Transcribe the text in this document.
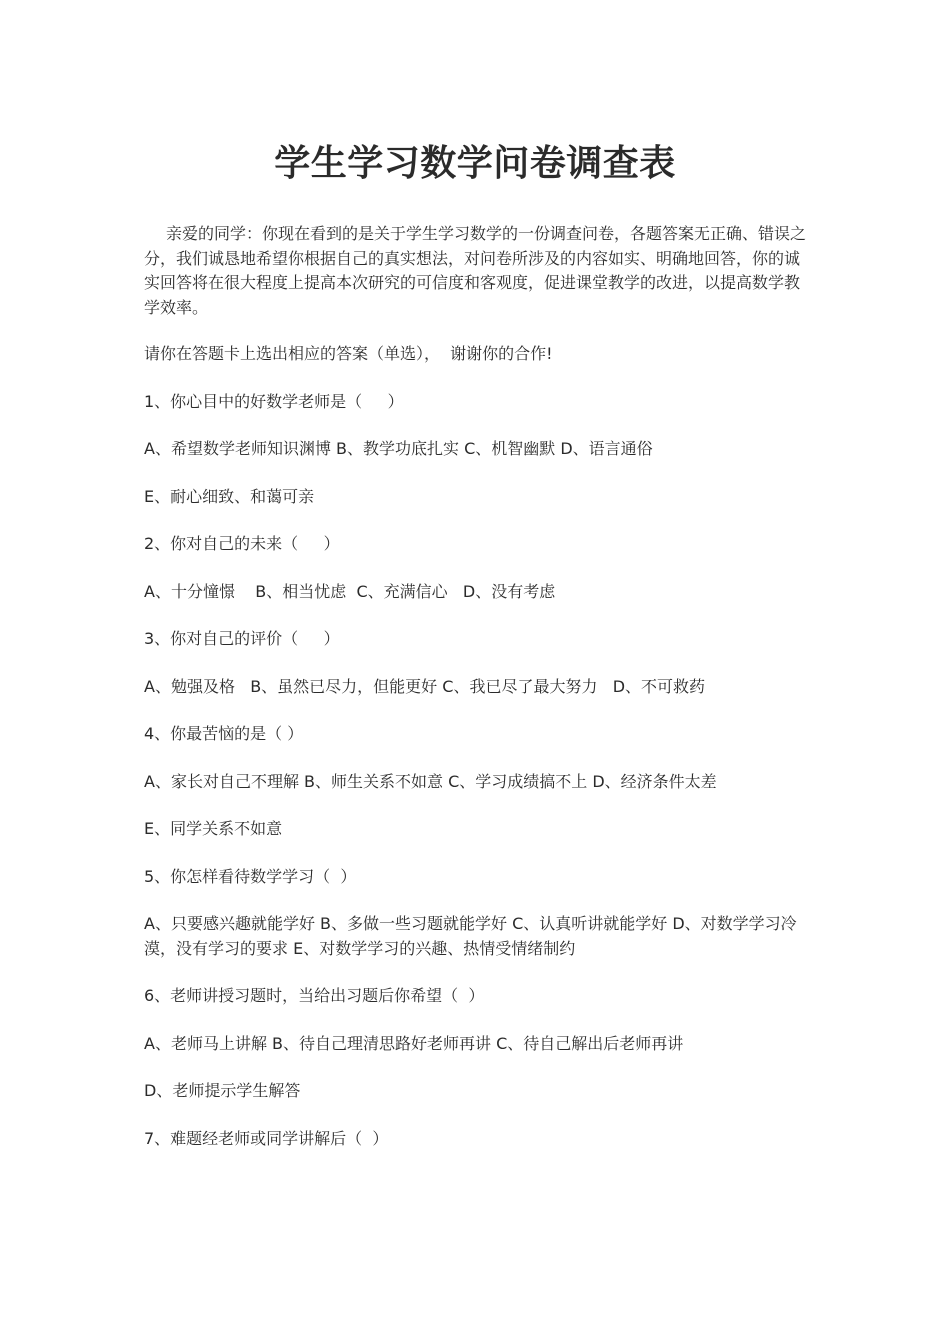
学生学习数学问卷调查表

亲爱的同学：你现在看到的是关于学生学习数学的一份调查问卷，各题答案无正确、错误之分，我们诚恳地希望你根据自己的真实想法，对问卷所涉及的内容如实、明确地回答，你的诚实回答将在很大程度上提高本次研究的可信度和客观度，促进课堂教学的改进，以提高数学教学效率。

请你在答题卡上选出相应的答案（单选），  谢谢你的合作!

1、你心目中的好数学老师是（     ）

A、希望数学老师知识渊博 B、教学功底扎实 C、机智幽默 D、语言通俗

E、耐心细致、和蔼可亲

2、你对自己的未来（     ）

A、十分憧憬    B、相当忧虑  C、充满信心   D、没有考虑

3、你对自己的评价（     ）

A、勉强及格   B、虽然已尽力，但能更好 C、我已尽了最大努力   D、不可救药

4、你最苦恼的是（ ）

A、家长对自己不理解 B、师生关系不如意 C、学习成绩搞不上 D、经济条件太差

E、同学关系不如意

5、你怎样看待数学学习（  ）

A、只要感兴趣就能学好 B、多做一些习题就能学好 C、认真听讲就能学好 D、对数学学习冷漠，没有学习的要求 E、对数学学习的兴趣、热情受情绪制约

6、老师讲授习题时，当给出习题后你希望（  ）

A、老师马上讲解 B、待自己理清思路好老师再讲 C、待自己解出后老师再讲

D、老师提示学生解答

7、难题经老师或同学讲解后（  ）
